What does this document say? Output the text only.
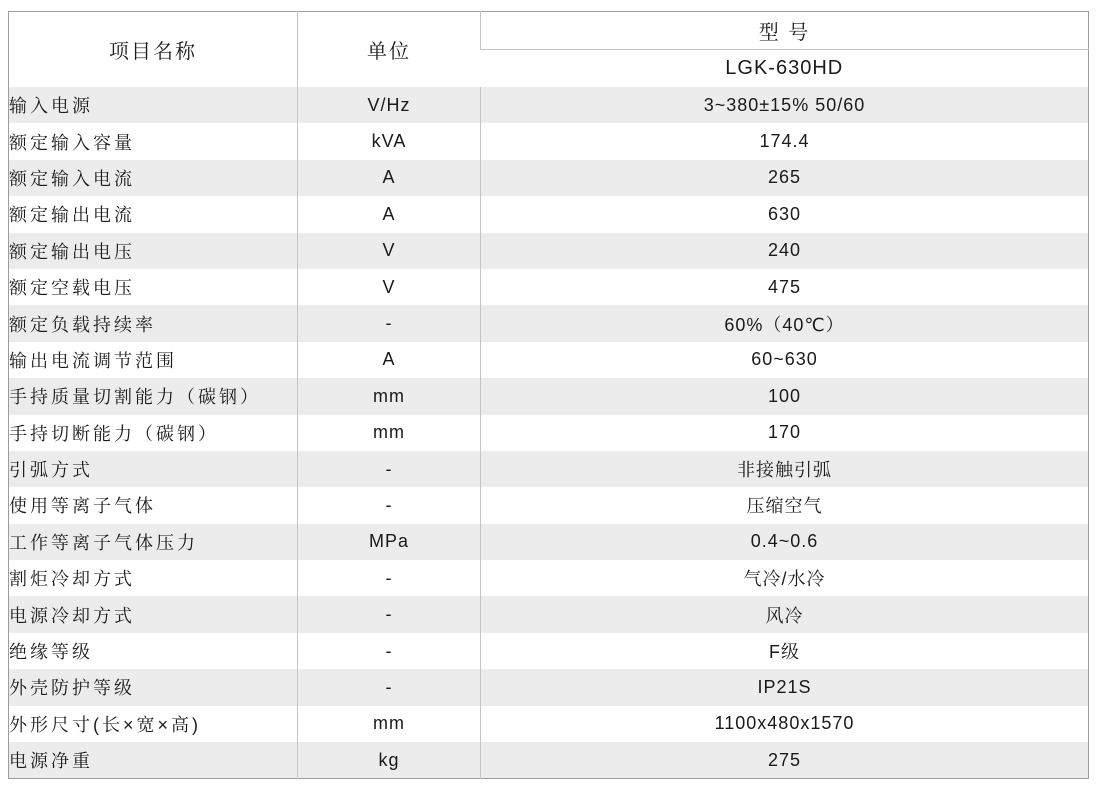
项目名称	单位	型 号
		LGK-630HD
输入电源	V/Hz	3~380±15% 50/60
额定输入容量	kVA	174.4
额定输入电流	A	265
额定输出电流	A	630
额定输出电压	V	240
额定空载电压	V	475
额定负载持续率	-	60%（40℃）
输出电流调节范围	A	60~630
手持质量切割能力（碳钢）	mm	100
手持切断能力（碳钢）	mm	170
引弧方式	-	非接触引弧
使用等离子气体	-	压缩空气
工作等离子气体压力	MPa	0.4~0.6
割炬冷却方式	-	气冷/水冷
电源冷却方式	-	风冷
绝缘等级	-	F级
外壳防护等级	-	IP21S
外形尺寸(长×宽×高)	mm	1100x480x1570
电源净重	kg	275
